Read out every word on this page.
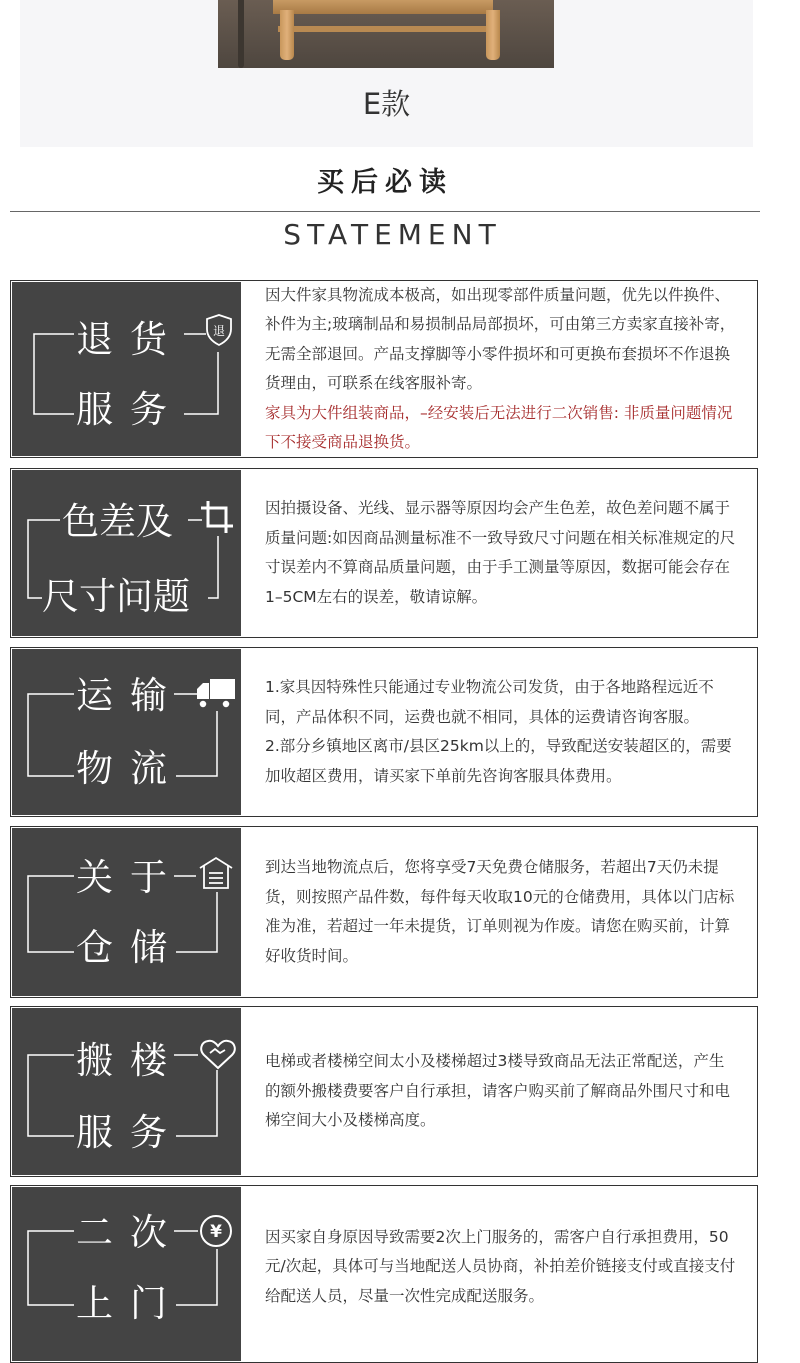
E款
买后必读
STATEMENT
退货
服务
退
因大件家具物流成本极高，如出现零部件质量问题，优先以件换件、补件为主;玻璃制品和易损制品局部损坏，可由第三方卖家直接补寄，无需全部退回。产品支撑脚等小零件损坏和可更换布套损坏不作退换货理由，可联系在线客服补寄。
家具为大件组装商品，–经安装后无法进行二次销售: 非质量问题情况下不接受商品退换货。
色差及
尺寸问题
因拍摄设备、光线、显示器等原因均会产生色差，故色差问题不属于质量问题:如因商品测量标准不一致导致尺寸问题在相关标准规定的尺寸误差内不算商品质量问题，由于手工测量等原因，数据可能会存在1–5CM左右的误差，敬请谅解。
运输
物流
1.家具因特殊性只能通过专业物流公司发货，由于各地路程远近不同，产品体积不同，运费也就不相同，具体的运费请咨询客服。
2.部分乡镇地区离市/县区25km以上的，导致配送安装超区的，需要加收超区费用，请买家下单前先咨询客服具体费用。
关于
仓储
到达当地物流点后，您将享受7天免费仓储服务，若超出7天仍未提货，则按照产品件数，每件每天收取10元的仓储费用，具体以门店标准为准，若超过一年未提货，订单则视为作废。请您在购买前，计算好收货时间。
搬楼
服务
电梯或者楼梯空间太小及楼梯超过3楼导致商品无法正常配送，产生的额外搬楼费要客户自行承担，请客户购买前了解商品外围尺寸和电梯空间大小及楼梯高度。
二次
上门
¥	因买家自身原因导致需要2次上门服务的，需客户自行承担费用，50元/次起，具体可与当地配送人员协商，补拍差价链接支付或直接支付给配送人员，尽量一次性完成配送服务。
